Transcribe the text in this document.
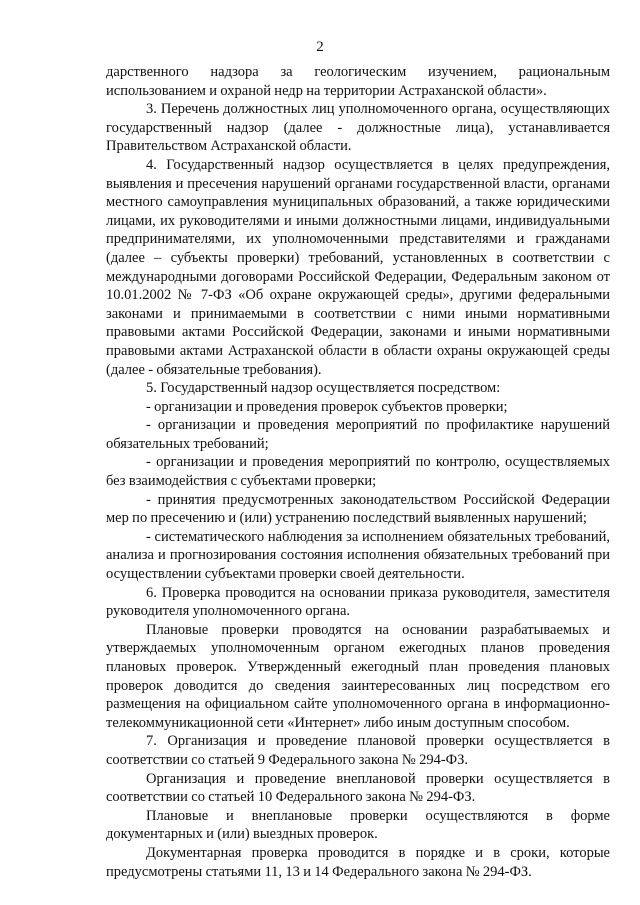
2

дарственного надзора за геологическим изучением, рациональным использованием и охраной недр на территории Астраханской области».

3. Перечень должностных лиц уполномоченного органа, осуществляющих государственный надзор (далее - должностные лица), устанавливается Правительством Астраханской области.

4. Государственный надзор осуществляется в целях предупреждения, выявления и пресечения нарушений органами государственной власти, органами местного самоуправления муниципальных образований, а также юридическими лицами, их руководителями и иными должностными лицами, индивидуальными предпринимателями, их уполномоченными представителями и гражданами (далее – субъекты проверки) требований, установленных в соответствии с международными договорами Российской Федерации, Федеральным законом от 10.01.2002 № 7-ФЗ «Об охране окружающей среды», другими федеральными законами и принимаемыми в соответствии с ними иными нормативными правовыми актами Российской Федерации, законами и иными нормативными правовыми актами Астраханской области в области охраны окружающей среды (далее - обязательные требования).

5. Государственный надзор осуществляется посредством:

- организации и проведения проверок субъектов проверки;

- организации и проведения мероприятий по профилактике нарушений обязательных требований;

- организации и проведения мероприятий по контролю, осуществляемых без взаимодействия с субъектами проверки;

- принятия предусмотренных законодательством Российской Федерации мер по пресечению и (или) устранению последствий выявленных нарушений;

- систематического наблюдения за исполнением обязательных требований, анализа и прогнозирования состояния исполнения обязательных требований при осуществлении субъектами проверки своей деятельности.

6. Проверка проводится на основании приказа руководителя, заместителя руководителя уполномоченного органа.

Плановые проверки проводятся на основании разрабатываемых и утверждаемых уполномоченным органом ежегодных планов проведения плановых проверок. Утвержденный ежегодный план проведения плановых проверок доводится до сведения заинтересованных лиц посредством его размещения на официальном сайте уполномоченного органа в информационно-телекоммуникационной сети «Интернет» либо иным доступным способом.

7. Организация и проведение плановой проверки осуществляется в соответствии со статьей 9 Федерального закона № 294-ФЗ.

Организация и проведение внеплановой проверки осуществляется в соответствии со статьей 10 Федерального закона № 294-ФЗ.

Плановые и внеплановые проверки осуществляются в форме документарных и (или) выездных проверок.

Документарная проверка проводится в порядке и в сроки, которые предусмотрены статьями 11, 13 и 14 Федерального закона № 294-ФЗ.
